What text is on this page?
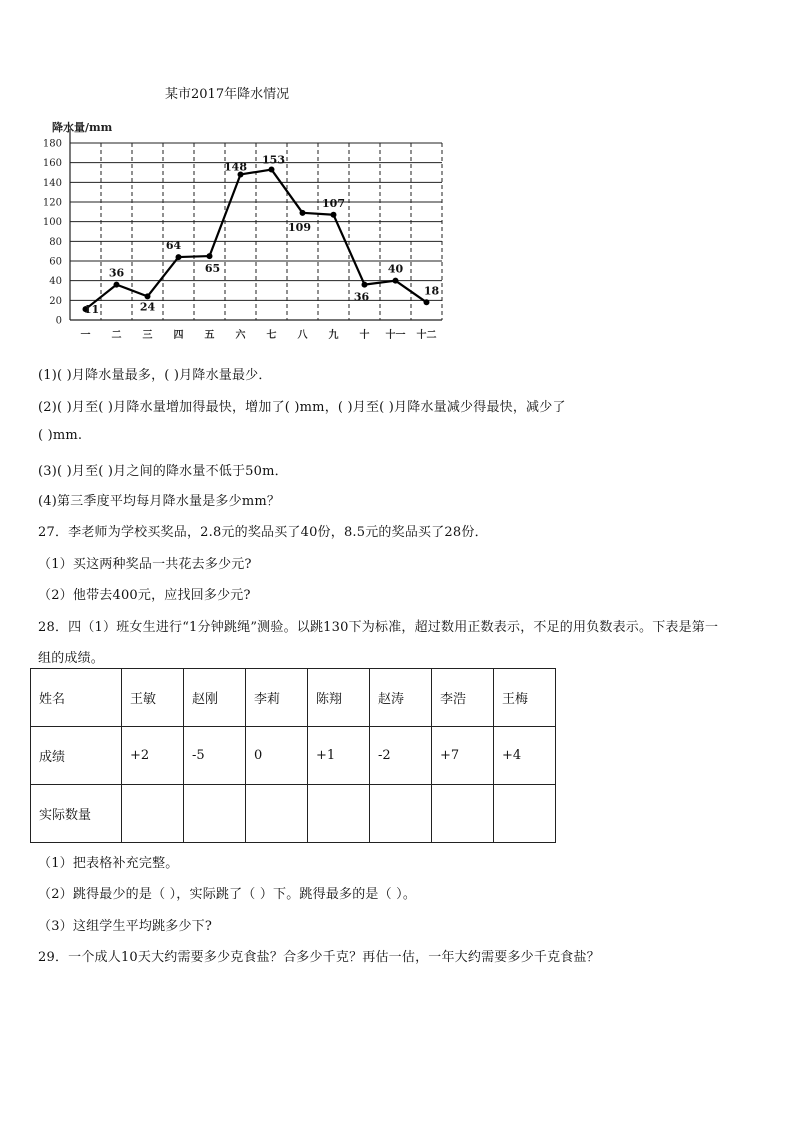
某市2017年降水情况
降水量/mm
0
20
40
60
80
100
120
140
160
180
一 二 三 四 五 六 七 八 九 十 十一 十二
11
36
24
64
65
148
153
109
107
36
40
18
(1)( )月降水量最多，( )月降水量最少．
(2)( )月至( )月降水量增加得最快，增加了( )mm，( )月至( )月降水量减少得最快，减少了
( )mm.
(3)( )月至( )月之间的降水量不低于50m．
(4)第三季度平均每月降水量是多少mm？
27．李老师为学校买奖品，2.8元的奖品买了40份，8.5元的奖品买了28份．
（1）买这两种奖品一共花去多少元?
（2）他带去400元，应找回多少元?
28．四（1）班女生进行“1分钟跳绳”测验。以跳130下为标准，超过数用正数表示，不足的用负数表示。下表是第一
组的成绩。
姓名	王敏	赵刚	李莉	陈翔	赵涛	李浩	王梅
成绩	+2	-5	0	+1	-2	+7	+4
实际数量							
（1）把表格补充完整。
（2）跳得最少的是（ ），实际跳了（ ）下。跳得最多的是（ ）。
（3）这组学生平均跳多少下?
29．一个成人10天大约需要多少克食盐？合多少千克？再估一估，一年大约需要多少千克食盐？
